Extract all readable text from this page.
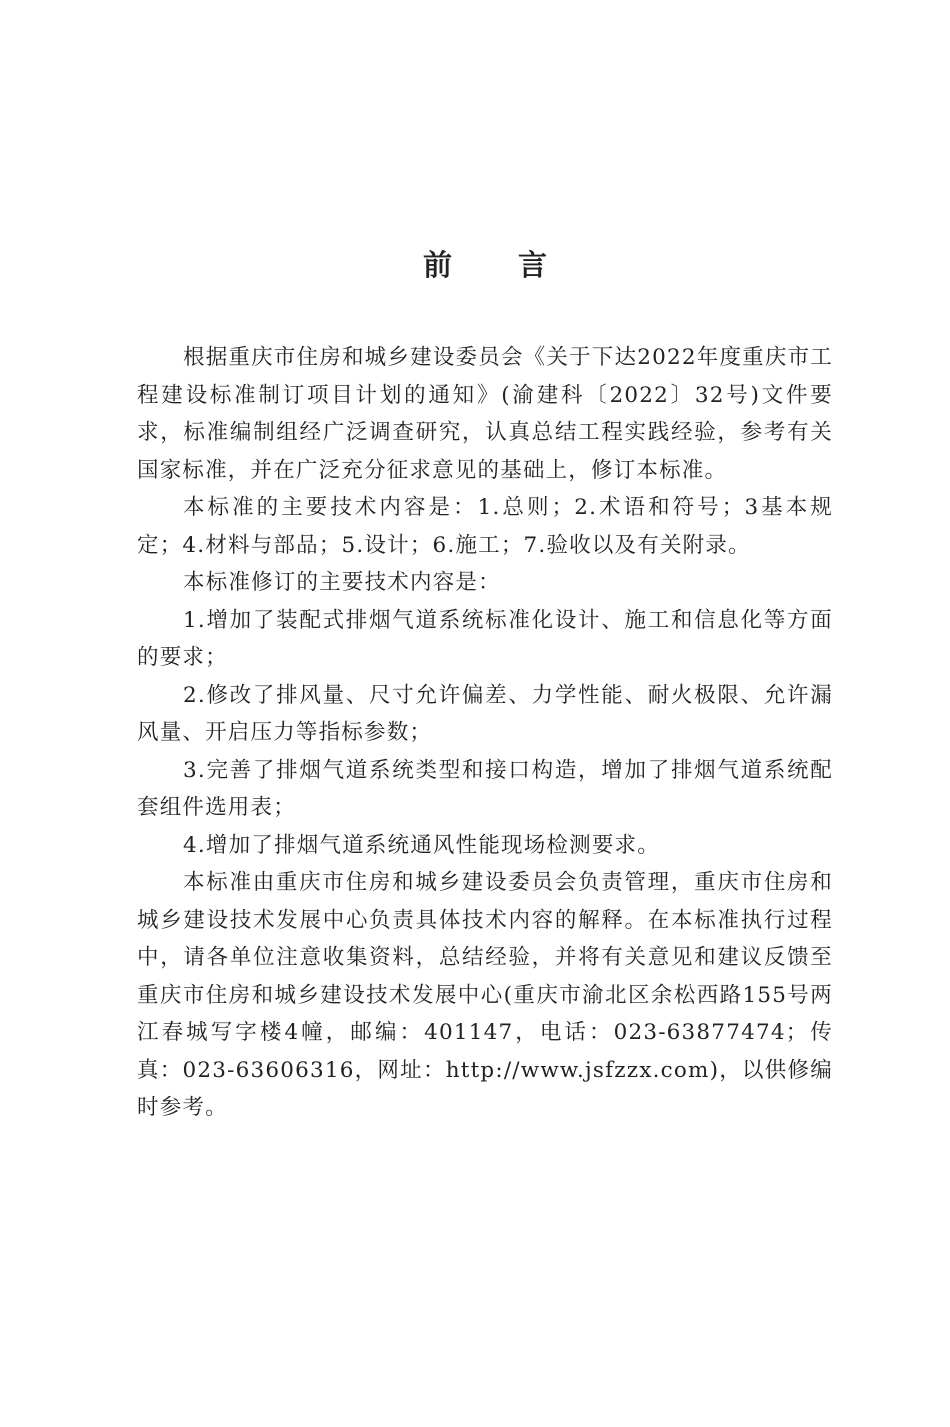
前 言

根据重庆市住房和城乡建设委员会《关于下达2022年度重庆市工程建设标准制订项目计划的通知》(渝建科〔2022〕32号)文件要求，标准编制组经广泛调查研究，认真总结工程实践经验，参考有关国家标准，并在广泛充分征求意见的基础上，修订本标准。

本标准的主要技术内容是：1.总则；2.术语和符号；3基本规定；4.材料与部品；5.设计；6.施工；7.验收以及有关附录。

本标准修订的主要技术内容是：

1.增加了装配式排烟气道系统标准化设计、施工和信息化等方面的要求；

2.修改了排风量、尺寸允许偏差、力学性能、耐火极限、允许漏风量、开启压力等指标参数；

3.完善了排烟气道系统类型和接口构造，增加了排烟气道系统配套组件选用表；

4.增加了排烟气道系统通风性能现场检测要求。

本标准由重庆市住房和城乡建设委员会负责管理，重庆市住房和城乡建设技术发展中心负责具体技术内容的解释。在本标准执行过程中，请各单位注意收集资料，总结经验，并将有关意见和建议反馈至重庆市住房和城乡建设技术发展中心(重庆市渝北区余松西路155号两江春城写字楼4幢，邮编：401147，电话：023-63877474；传真：023-63606316，网址：http://www.jsfzzx.com)，以供修编时参考。
